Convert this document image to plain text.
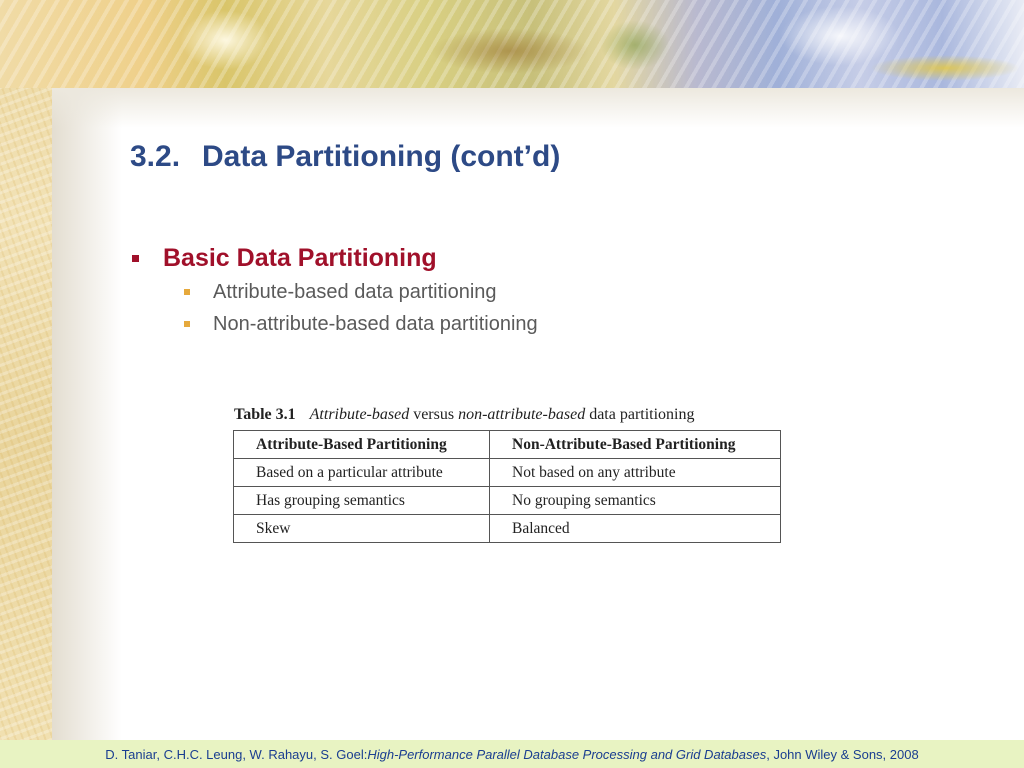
3.2. Data Partitioning (cont’d)
Basic Data Partitioning
Attribute-based data partitioning
Non-attribute-based data partitioning
Table 3.1 Attribute-based versus non-attribute-based data partitioning
Attribute-Based Partitioning	Non-Attribute-Based Partitioning
Based on a particular attribute	Not based on any attribute
Has grouping semantics	No grouping semantics
Skew	Balanced
D. Taniar, C.H.C. Leung, W. Rahayu, S. Goel: High-Performance Parallel Database Processing and Grid Databases , John Wiley & Sons, 2008
